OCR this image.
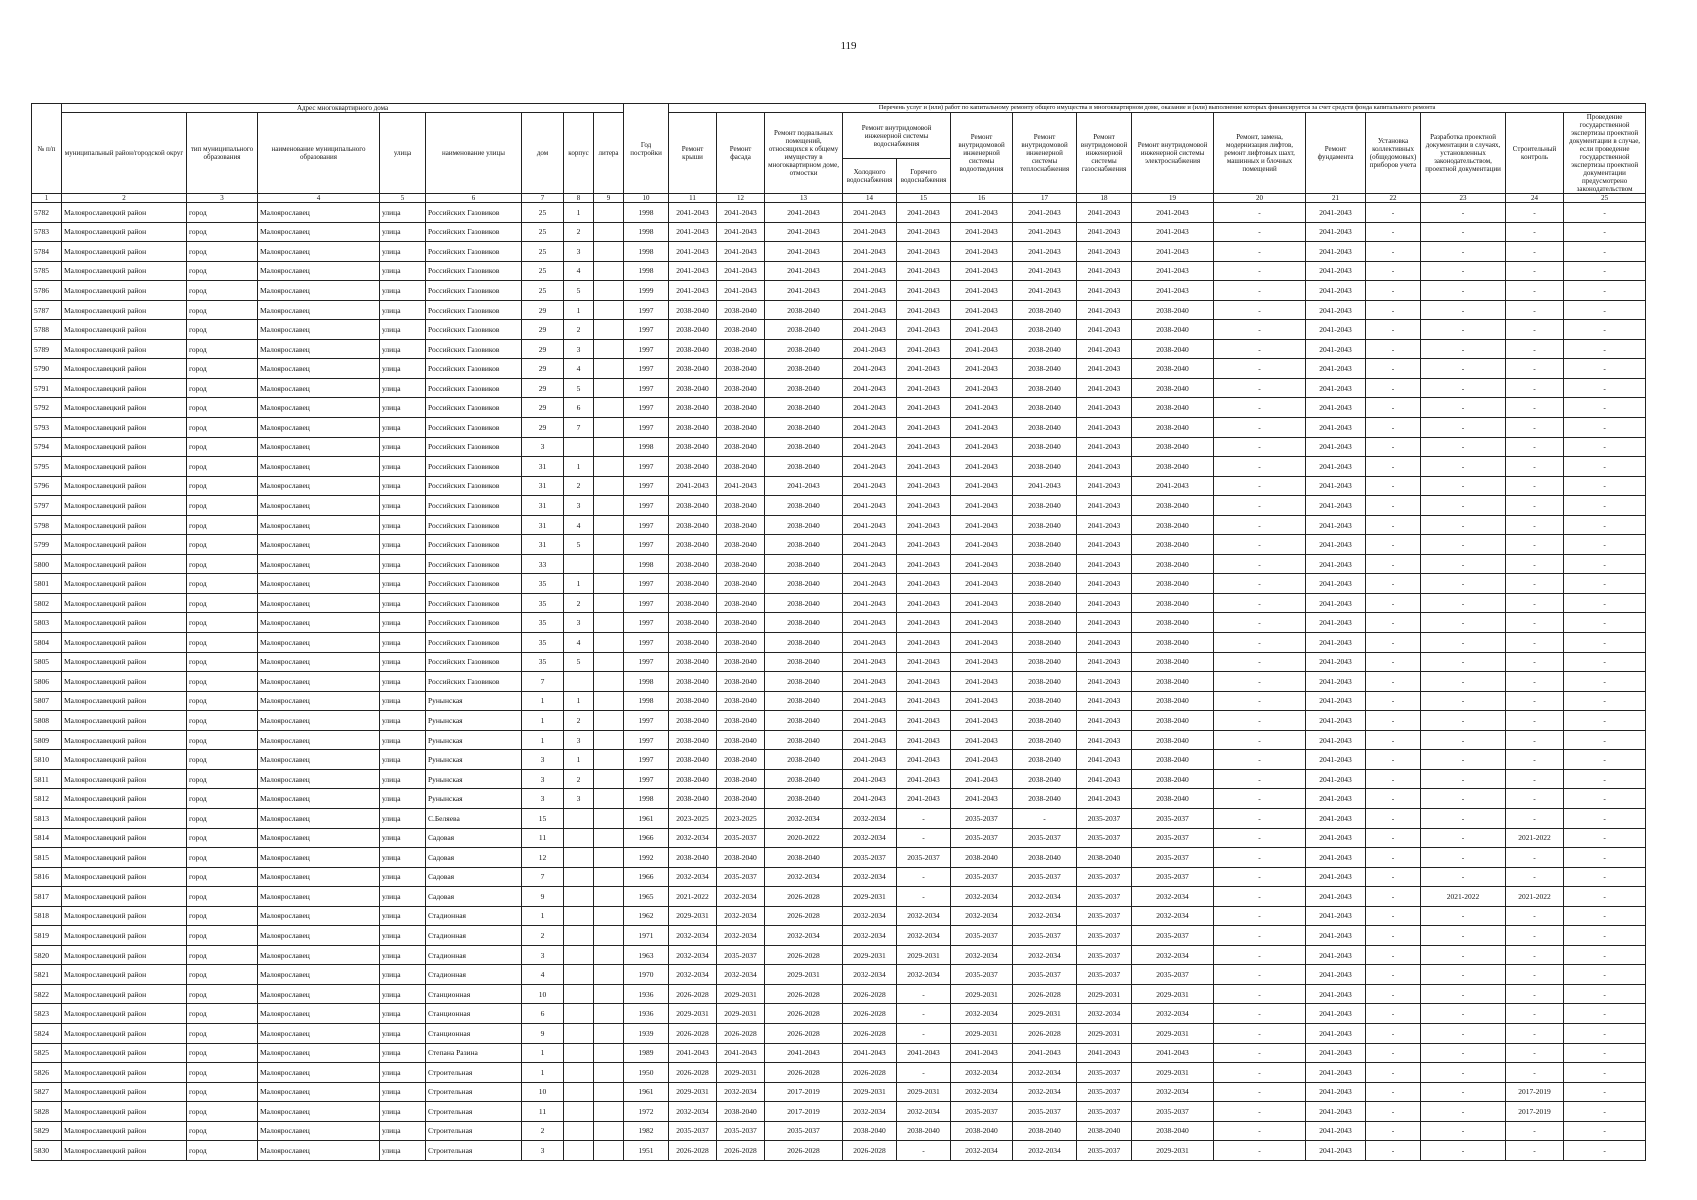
119
№ п/п	Адрес многоквартирного дома								Год постройки	Перечень услуг и (или) работ по капитальному ремонту общего имущества в многоквартирном доме, оказание и (или) выполнение которых финансируется за счет средств фонда капитального ремонта														
	муниципальный район/городской округ	тип муниципального образования	наименование муниципального образования	улица	наименование улицы	дом	корпус	литера		Ремонт крыши	Ремонт фасада	Ремонт подвальных помещений, относящихся к общему имуществу в многоквартирном доме, отмостки	Ремонт внутридомовой инженерной системы водоснабжения		Ремонт внутридомовой инженерной системы водоотведения	Ремонт внутридомовой инженерной системы теплоснабжения	Ремонт внутридомовой инженерной системы газоснабжения	Ремонт внутридомовой инженерной системы электроснабжения	Ремонт, замена, модернизация лифтов, ремонт лифтовых шахт, машинных и блочных помещений	Ремонт фундамента	Установка коллективных (общедомовых) приборов учета	Разработка проектной документации в случаях, установленных законодательством, проектной документации	Строительный контроль	Проведение государственной экспертизы проектной документации в случае, если проведение государственной экспертизы проектной документации предусмотрено законодательством
													Холодного водоснабжения	Горячего водоснабжения										
1	2	3	4	5	6	7	8	9	10	11	12	13	14	15	16	17	18	19	20	21	22	23	24	25
5782	Малоярославецкий район	город	Малоярославец	улица	Российских Газовиков	25	1		1998	2041-2043	2041-2043	2041-2043	2041-2043	2041-2043	2041-2043	2041-2043	2041-2043	2041-2043	-	2041-2043	-	-	-	-
5783	Малоярославецкий район	город	Малоярославец	улица	Российских Газовиков	25	2		1998	2041-2043	2041-2043	2041-2043	2041-2043	2041-2043	2041-2043	2041-2043	2041-2043	2041-2043	-	2041-2043	-	-	-	-
5784	Малоярославецкий район	город	Малоярославец	улица	Российских Газовиков	25	3		1998	2041-2043	2041-2043	2041-2043	2041-2043	2041-2043	2041-2043	2041-2043	2041-2043	2041-2043	-	2041-2043	-	-	-	-
5785	Малоярославецкий район	город	Малоярославец	улица	Российских Газовиков	25	4		1998	2041-2043	2041-2043	2041-2043	2041-2043	2041-2043	2041-2043	2041-2043	2041-2043	2041-2043	-	2041-2043	-	-	-	-
5786	Малоярославецкий район	город	Малоярославец	улица	Российских Газовиков	25	5		1999	2041-2043	2041-2043	2041-2043	2041-2043	2041-2043	2041-2043	2041-2043	2041-2043	2041-2043	-	2041-2043	-	-	-	-
5787	Малоярославецкий район	город	Малоярославец	улица	Российских Газовиков	29	1		1997	2038-2040	2038-2040	2038-2040	2041-2043	2041-2043	2041-2043	2038-2040	2041-2043	2038-2040	-	2041-2043	-	-	-	-
5788	Малоярославецкий район	город	Малоярославец	улица	Российских Газовиков	29	2		1997	2038-2040	2038-2040	2038-2040	2041-2043	2041-2043	2041-2043	2038-2040	2041-2043	2038-2040	-	2041-2043	-	-	-	-
5789	Малоярославецкий район	город	Малоярославец	улица	Российских Газовиков	29	3		1997	2038-2040	2038-2040	2038-2040	2041-2043	2041-2043	2041-2043	2038-2040	2041-2043	2038-2040	-	2041-2043	-	-	-	-
5790	Малоярославецкий район	город	Малоярославец	улица	Российских Газовиков	29	4		1997	2038-2040	2038-2040	2038-2040	2041-2043	2041-2043	2041-2043	2038-2040	2041-2043	2038-2040	-	2041-2043	-	-	-	-
5791	Малоярославецкий район	город	Малоярославец	улица	Российских Газовиков	29	5		1997	2038-2040	2038-2040	2038-2040	2041-2043	2041-2043	2041-2043	2038-2040	2041-2043	2038-2040	-	2041-2043	-	-	-	-
5792	Малоярославецкий район	город	Малоярославец	улица	Российских Газовиков	29	6		1997	2038-2040	2038-2040	2038-2040	2041-2043	2041-2043	2041-2043	2038-2040	2041-2043	2038-2040	-	2041-2043	-	-	-	-
5793	Малоярославецкий район	город	Малоярославец	улица	Российских Газовиков	29	7		1997	2038-2040	2038-2040	2038-2040	2041-2043	2041-2043	2041-2043	2038-2040	2041-2043	2038-2040	-	2041-2043	-	-	-	-
5794	Малоярославецкий район	город	Малоярославец	улица	Российских Газовиков	3			1998	2038-2040	2038-2040	2038-2040	2041-2043	2041-2043	2041-2043	2038-2040	2041-2043	2038-2040	-	2041-2043	-	-	-	-
5795	Малоярославецкий район	город	Малоярославец	улица	Российских Газовиков	31	1		1997	2038-2040	2038-2040	2038-2040	2041-2043	2041-2043	2041-2043	2038-2040	2041-2043	2038-2040	-	2041-2043	-	-	-	-
5796	Малоярославецкий район	город	Малоярославец	улица	Российских Газовиков	31	2		1997	2041-2043	2041-2043	2041-2043	2041-2043	2041-2043	2041-2043	2041-2043	2041-2043	2041-2043	-	2041-2043	-	-	-	-
5797	Малоярославецкий район	город	Малоярославец	улица	Российских Газовиков	31	3		1997	2038-2040	2038-2040	2038-2040	2041-2043	2041-2043	2041-2043	2038-2040	2041-2043	2038-2040	-	2041-2043	-	-	-	-
5798	Малоярославецкий район	город	Малоярославец	улица	Российских Газовиков	31	4		1997	2038-2040	2038-2040	2038-2040	2041-2043	2041-2043	2041-2043	2038-2040	2041-2043	2038-2040	-	2041-2043	-	-	-	-
5799	Малоярославецкий район	город	Малоярославец	улица	Российских Газовиков	31	5		1997	2038-2040	2038-2040	2038-2040	2041-2043	2041-2043	2041-2043	2038-2040	2041-2043	2038-2040	-	2041-2043	-	-	-	-
5800	Малоярославецкий район	город	Малоярославец	улица	Российских Газовиков	33			1998	2038-2040	2038-2040	2038-2040	2041-2043	2041-2043	2041-2043	2038-2040	2041-2043	2038-2040	-	2041-2043	-	-	-	-
5801	Малоярославецкий район	город	Малоярославец	улица	Российских Газовиков	35	1		1997	2038-2040	2038-2040	2038-2040	2041-2043	2041-2043	2041-2043	2038-2040	2041-2043	2038-2040	-	2041-2043	-	-	-	-
5802	Малоярославецкий район	город	Малоярославец	улица	Российских Газовиков	35	2		1997	2038-2040	2038-2040	2038-2040	2041-2043	2041-2043	2041-2043	2038-2040	2041-2043	2038-2040	-	2041-2043	-	-	-	-
5803	Малоярославецкий район	город	Малоярославец	улица	Российских Газовиков	35	3		1997	2038-2040	2038-2040	2038-2040	2041-2043	2041-2043	2041-2043	2038-2040	2041-2043	2038-2040	-	2041-2043	-	-	-	-
5804	Малоярославецкий район	город	Малоярославец	улица	Российских Газовиков	35	4		1997	2038-2040	2038-2040	2038-2040	2041-2043	2041-2043	2041-2043	2038-2040	2041-2043	2038-2040	-	2041-2043	-	-	-	-
5805	Малоярославецкий район	город	Малоярославец	улица	Российских Газовиков	35	5		1997	2038-2040	2038-2040	2038-2040	2041-2043	2041-2043	2041-2043	2038-2040	2041-2043	2038-2040	-	2041-2043	-	-	-	-
5806	Малоярославецкий район	город	Малоярославец	улица	Российских Газовиков	7			1998	2038-2040	2038-2040	2038-2040	2041-2043	2041-2043	2041-2043	2038-2040	2041-2043	2038-2040	-	2041-2043	-	-	-	-
5807	Малоярославецкий район	город	Малоярославец	улица	Рунынская	1	1		1998	2038-2040	2038-2040	2038-2040	2041-2043	2041-2043	2041-2043	2038-2040	2041-2043	2038-2040	-	2041-2043	-	-	-	-
5808	Малоярославецкий район	город	Малоярославец	улица	Рунынская	1	2		1997	2038-2040	2038-2040	2038-2040	2041-2043	2041-2043	2041-2043	2038-2040	2041-2043	2038-2040	-	2041-2043	-	-	-	-
5809	Малоярославецкий район	город	Малоярославец	улица	Рунынская	1	3		1997	2038-2040	2038-2040	2038-2040	2041-2043	2041-2043	2041-2043	2038-2040	2041-2043	2038-2040	-	2041-2043	-	-	-	-
5810	Малоярославецкий район	город	Малоярославец	улица	Рунынская	3	1		1997	2038-2040	2038-2040	2038-2040	2041-2043	2041-2043	2041-2043	2038-2040	2041-2043	2038-2040	-	2041-2043	-	-	-	-
5811	Малоярославецкий район	город	Малоярославец	улица	Рунынская	3	2		1997	2038-2040	2038-2040	2038-2040	2041-2043	2041-2043	2041-2043	2038-2040	2041-2043	2038-2040	-	2041-2043	-	-	-	-
5812	Малоярославецкий район	город	Малоярославец	улица	Рунынская	3	3		1998	2038-2040	2038-2040	2038-2040	2041-2043	2041-2043	2041-2043	2038-2040	2041-2043	2038-2040	-	2041-2043	-	-	-	-
5813	Малоярославецкий район	город	Малоярославец	улица	С.Беляева	15			1961	2023-2025	2023-2025	2032-2034	2032-2034	-	2035-2037	-	2035-2037	2035-2037	-	2041-2043	-	-	-	-
5814	Малоярославецкий район	город	Малоярославец	улица	Садовая	11			1966	2032-2034	2035-2037	2020-2022	2032-2034	-	2035-2037	2035-2037	2035-2037	2035-2037	-	2041-2043	-	-	2021-2022	-
5815	Малоярославецкий район	город	Малоярославец	улица	Садовая	12			1992	2038-2040	2038-2040	2038-2040	2035-2037	2035-2037	2038-2040	2038-2040	2038-2040	2035-2037	-	2041-2043	-	-	-	-
5816	Малоярославецкий район	город	Малоярославец	улица	Садовая	7			1966	2032-2034	2035-2037	2032-2034	2032-2034	-	2035-2037	2035-2037	2035-2037	2035-2037	-	2041-2043	-	-	-	-
5817	Малоярославецкий район	город	Малоярославец	улица	Садовая	9			1965	2021-2022	2032-2034	2026-2028	2029-2031	-	2032-2034	2032-2034	2035-2037	2032-2034	-	2041-2043	-	2021-2022	2021-2022	-
5818	Малоярославецкий район	город	Малоярославец	улица	Стадионная	1			1962	2029-2031	2032-2034	2026-2028	2032-2034	2032-2034	2032-2034	2032-2034	2035-2037	2032-2034	-	2041-2043	-	-	-	-
5819	Малоярославецкий район	город	Малоярославец	улица	Стадионная	2			1971	2032-2034	2032-2034	2032-2034	2032-2034	2032-2034	2035-2037	2035-2037	2035-2037	2035-2037	-	2041-2043	-	-	-	-
5820	Малоярославецкий район	город	Малоярославец	улица	Стадионная	3			1963	2032-2034	2035-2037	2026-2028	2029-2031	2029-2031	2032-2034	2032-2034	2035-2037	2032-2034	-	2041-2043	-	-	-	-
5821	Малоярославецкий район	город	Малоярославец	улица	Стадионная	4			1970	2032-2034	2032-2034	2029-2031	2032-2034	2032-2034	2035-2037	2035-2037	2035-2037	2035-2037	-	2041-2043	-	-	-	-
5822	Малоярославецкий район	город	Малоярославец	улица	Станционная	10			1936	2026-2028	2029-2031	2026-2028	2026-2028	-	2029-2031	2026-2028	2029-2031	2029-2031	-	2041-2043	-	-	-	-
5823	Малоярославецкий район	город	Малоярославец	улица	Станционная	6			1936	2029-2031	2029-2031	2026-2028	2026-2028	-	2032-2034	2029-2031	2032-2034	2032-2034	-	2041-2043	-	-	-	-
5824	Малоярославецкий район	город	Малоярославец	улица	Станционная	9			1939	2026-2028	2026-2028	2026-2028	2026-2028	-	2029-2031	2026-2028	2029-2031	2029-2031	-	2041-2043	-	-	-	-
5825	Малоярославецкий район	город	Малоярославец	улица	Степана Разина	1			1989	2041-2043	2041-2043	2041-2043	2041-2043	2041-2043	2041-2043	2041-2043	2041-2043	2041-2043	-	2041-2043	-	-	-	-
5826	Малоярославецкий район	город	Малоярославец	улица	Строительная	1			1950	2026-2028	2029-2031	2026-2028	2026-2028	-	2032-2034	2032-2034	2035-2037	2029-2031	-	2041-2043	-	-	-	-
5827	Малоярославецкий район	город	Малоярославец	улица	Строительная	10			1961	2029-2031	2032-2034	2017-2019	2029-2031	2029-2031	2032-2034	2032-2034	2035-2037	2032-2034	-	2041-2043	-	-	2017-2019	-
5828	Малоярославецкий район	город	Малоярославец	улица	Строительная	11			1972	2032-2034	2038-2040	2017-2019	2032-2034	2032-2034	2035-2037	2035-2037	2035-2037	2035-2037	-	2041-2043	-	-	2017-2019	-
5829	Малоярославецкий район	город	Малоярославец	улица	Строительная	2			1982	2035-2037	2035-2037	2035-2037	2038-2040	2038-2040	2038-2040	2038-2040	2038-2040	2038-2040	-	2041-2043	-	-	-	-
5830	Малоярославецкий район	город	Малоярославец	улица	Строительная	3			1951	2026-2028	2026-2028	2026-2028	2026-2028	-	2032-2034	2032-2034	2035-2037	2029-2031	-	2041-2043	-	-	-	-
